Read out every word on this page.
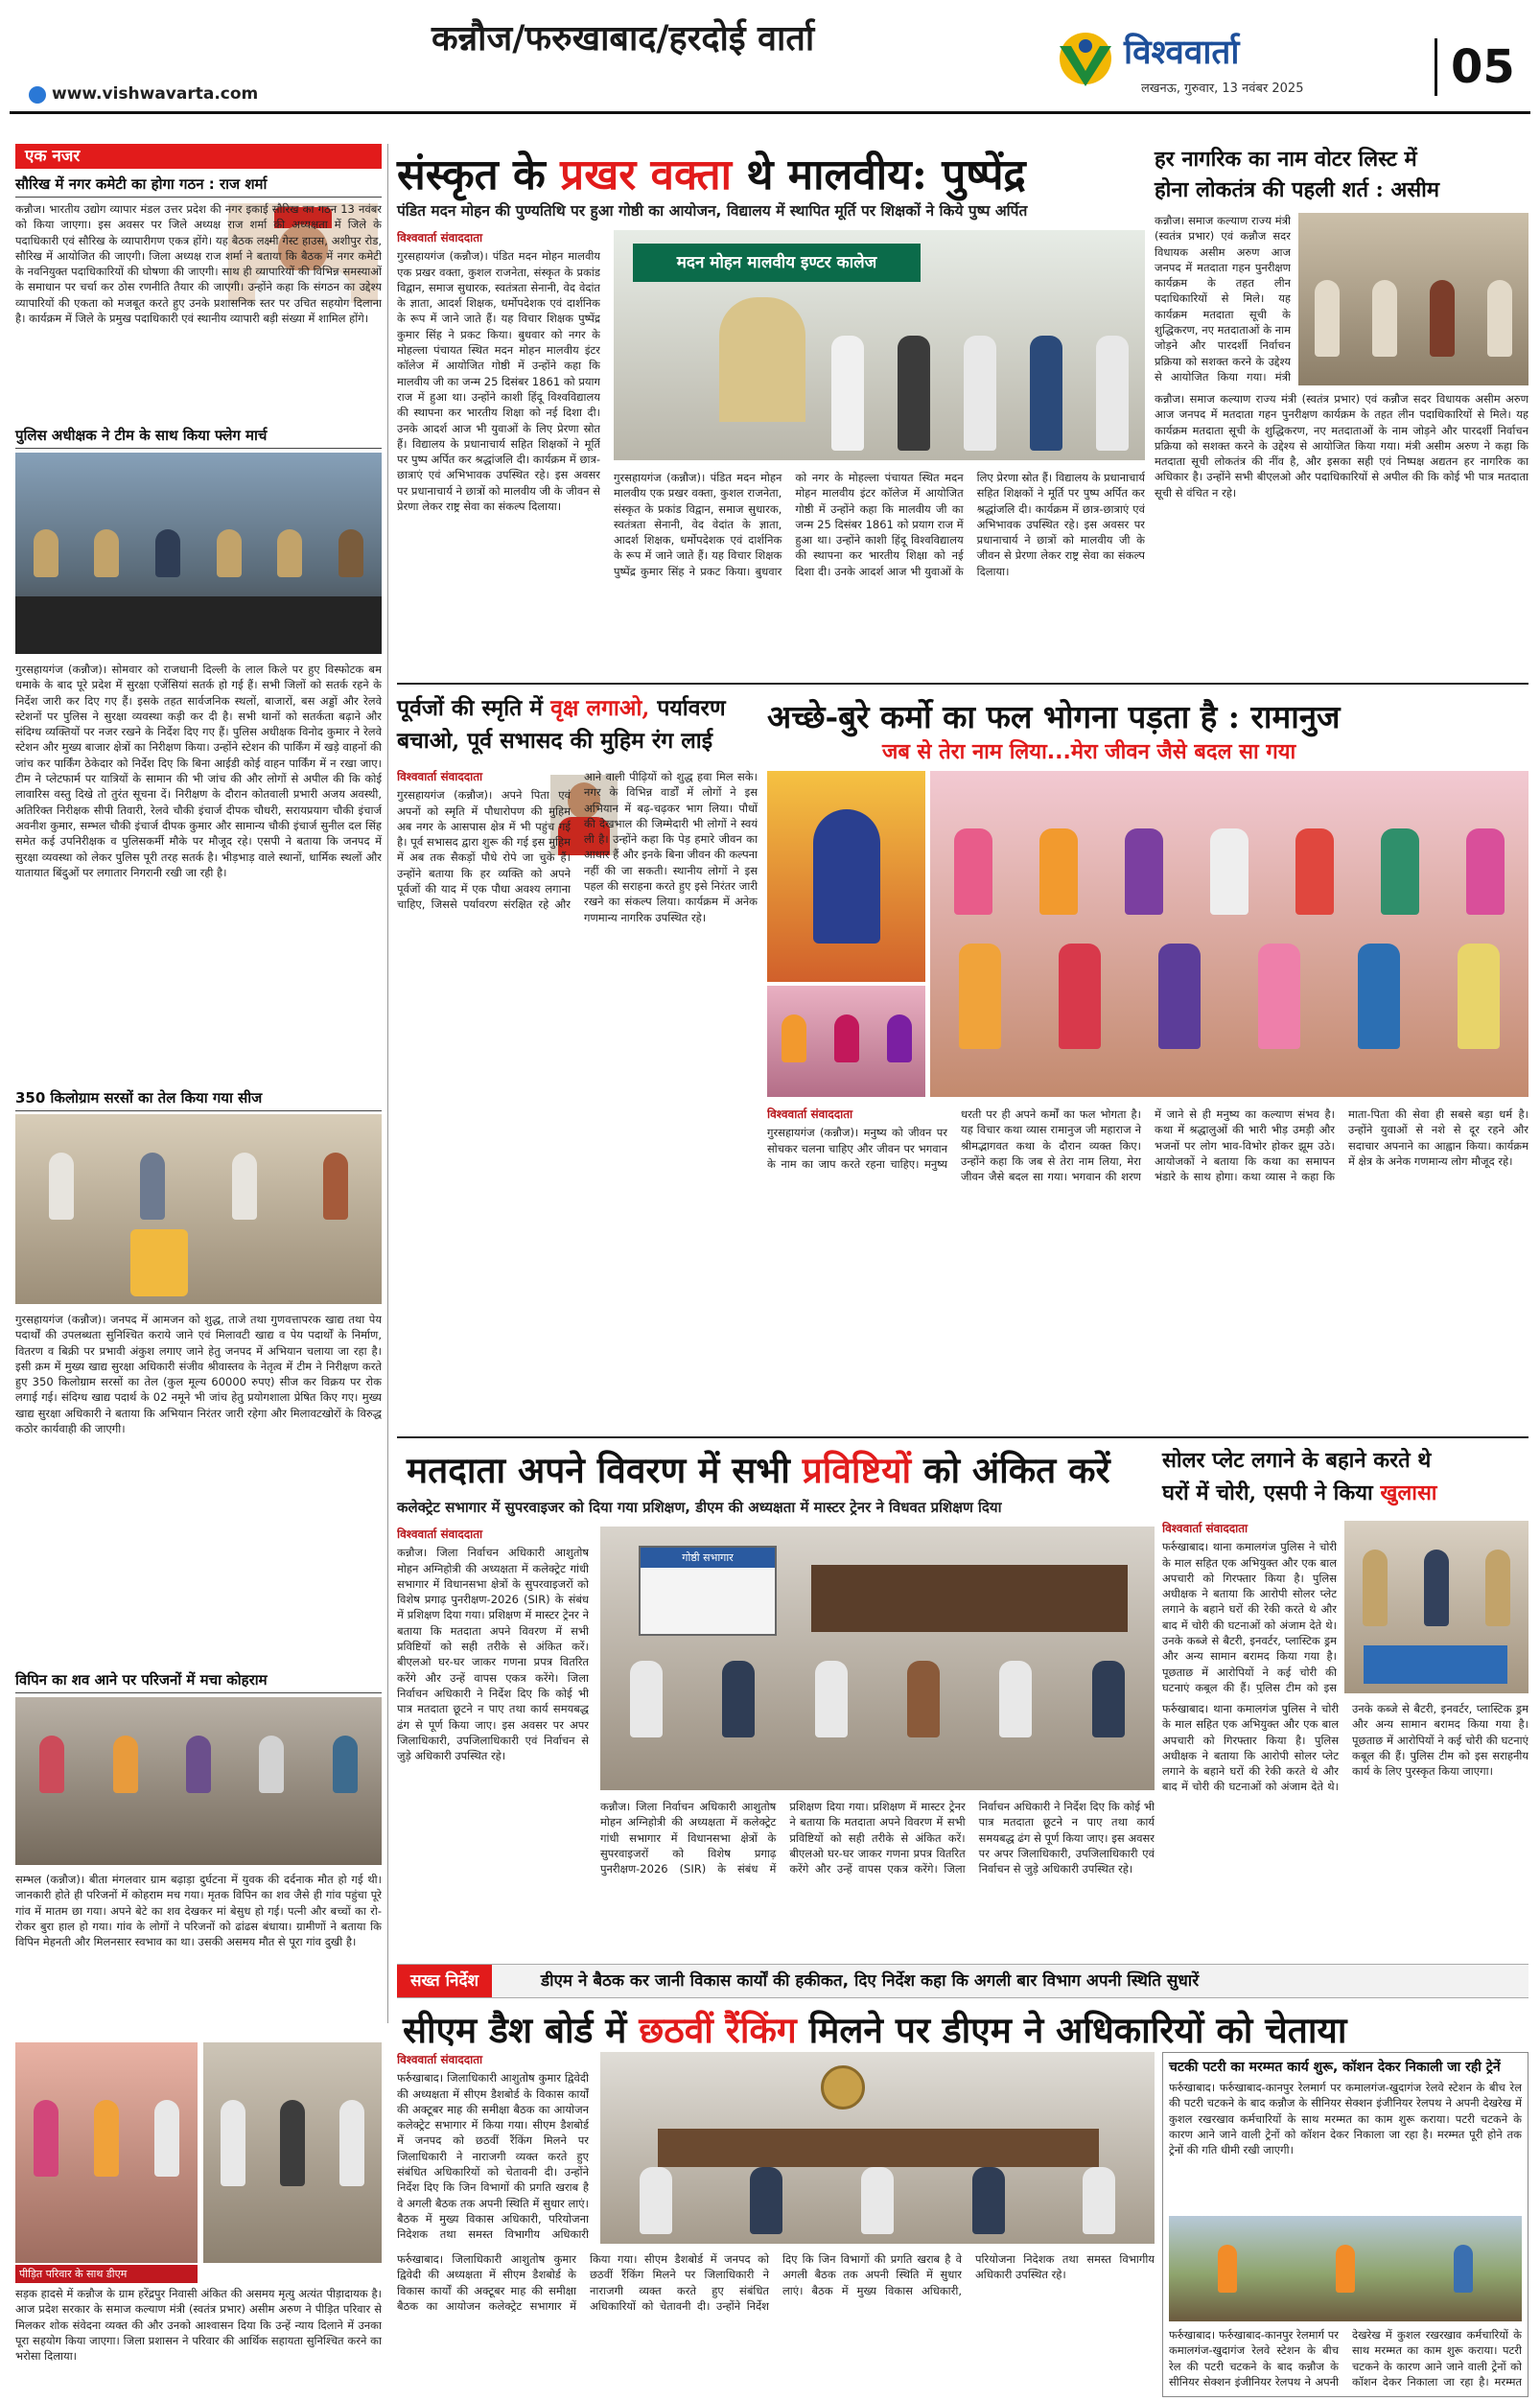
कन्नौज/फरुखाबाद/हरदोई वार्ता
www.vishwavarta.com
विश्ववार्ता
लखनऊ, गुरुवार, 13 नवंबर 2025	05
एक नजर
सौरिख में नगर कमेटी का होगा गठन : राज शर्मा
कन्नौज। भारतीय उद्योग व्यापार मंडल उत्तर प्रदेश की नगर इकाई सौरिख का गठन 13 नवंबर को किया जाएगा। इस अवसर पर जिले अध्यक्ष राज शर्मा की अध्यक्षता में जिले के पदाधिकारी एवं सौरिख के व्यापारीगण एकत्र होंगे। यह बैठक लक्ष्मी गेस्ट हाउस, अशीपुर रोड, सौरिख में आयोजित की जाएगी। जिला अध्यक्ष राज शर्मा ने बताया कि बैठक में नगर कमेटी के नवनियुक्त पदाधिकारियों की घोषणा की जाएगी। साथ ही व्यापारियों की विभिन्न समस्याओं के समाधान पर चर्चा कर ठोस रणनीति तैयार की जाएगी। उन्होंने कहा कि संगठन का उद्देश्य व्यापारियों की एकता को मजबूत करते हुए उनके प्रशासनिक स्तर पर उचित सहयोग दिलाना है। कार्यक्रम में जिले के प्रमुख पदाधिकारी एवं स्थानीय व्यापारी बड़ी संख्या में शामिल होंगे।
पुलिस अधीक्षक ने टीम के साथ किया फ्लेग मार्च
गुरसहायगंज (कन्नौज)। सोमवार को राजधानी दिल्ली के लाल किले पर हुए विस्फोटक बम धमाके के बाद पूरे प्रदेश में सुरक्षा एजेंसियां सतर्क हो गई हैं। सभी जिलों को सतर्क रहने के निर्देश जारी कर दिए गए हैं। इसके तहत सार्वजनिक स्थलों, बाजारों, बस अड्डों और रेलवे स्टेशनों पर पुलिस ने सुरक्षा व्यवस्था कड़ी कर दी है। सभी थानों को सतर्कता बढ़ाने और संदिग्ध व्यक्तियों पर नजर रखने के निर्देश दिए गए हैं। पुलिस अधीक्षक विनोद कुमार ने रेलवे स्टेशन और मुख्य बाजार क्षेत्रों का निरीक्षण किया। उन्होंने स्टेशन की पार्किंग में खड़े वाहनों की जांच कर पार्किंग ठेकेदार को निर्देश दिए कि बिना आईडी कोई वाहन पार्किंग में न रखा जाए। टीम ने प्लेटफार्म पर यात्रियों के सामान की भी जांच की और लोगों से अपील की कि कोई लावारिस वस्तु दिखे तो तुरंत सूचना दें। निरीक्षण के दौरान कोतवाली प्रभारी अजय अवस्थी, अतिरिक्त निरीक्षक सीपी तिवारी, रेलवे चौकी इंचार्ज दीपक चौधरी, सरायप्रयाग चौकी इंचार्ज अवनीश कुमार, सम्भल चौकी इंचार्ज दीपक कुमार और सामान्य चौकी इंचार्ज सुनील दल सिंह समेत कई उपनिरीक्षक व पुलिसकर्मी मौके पर मौजूद रहे। एसपी ने बताया कि जनपद में सुरक्षा व्यवस्था को लेकर पुलिस पूरी तरह सतर्क है। भीड़भाड़ वाले स्थानों, धार्मिक स्थलों और यातायात बिंदुओं पर लगातार निगरानी रखी जा रही है।
350 किलोग्राम सरसों का तेल किया गया सीज
गुरसहायगंज (कन्नौज)। जनपद में आमजन को शुद्ध, ताजे तथा गुणवत्तापरक खाद्य तथा पेय पदार्थों की उपलब्धता सुनिश्चित कराये जाने एवं मिलावटी खाद्य व पेय पदार्थों के निर्माण, वितरण व बिक्री पर प्रभावी अंकुश लगाए जाने हेतु जनपद में अभियान चलाया जा रहा है। इसी क्रम में मुख्य खाद्य सुरक्षा अधिकारी संजीव श्रीवास्तव के नेतृत्व में टीम ने निरीक्षण करते हुए 350 किलोग्राम सरसों का तेल (कुल मूल्य 60000 रुपए) सीज कर विक्रय पर रोक लगाई गई। संदिग्ध खाद्य पदार्थ के 02 नमूने भी जांच हेतु प्रयोगशाला प्रेषित किए गए। मुख्य खाद्य सुरक्षा अधिकारी ने बताया कि अभियान निरंतर जारी रहेगा और मिलावटखोरों के विरुद्ध कठोर कार्यवाही की जाएगी।
विपिन का शव आने पर परिजनों में मचा कोहराम
सम्भल (कन्नौज)। बीता मंगलवार ग्राम बढ़ाड़ा दुर्घटना में युवक की दर्दनाक मौत हो गई थी। जानकारी होते ही परिजनों में कोहराम मच गया। मृतक विपिन का शव जैसे ही गांव पहुंचा पूरे गांव में मातम छा गया। अपने बेटे का शव देखकर मां बेसुध हो गई। पत्नी और बच्चों का रो-रोकर बुरा हाल हो गया। गांव के लोगों ने परिजनों को ढांढस बंधाया। ग्रामीणों ने बताया कि विपिन मेहनती और मिलनसार स्वभाव का था। उसकी असमय मौत से पूरा गांव दुखी है।
संस्कृत के प्रखर वक्ता थे मालवीय: पुष्पेंद्र
पंडित मदन मोहन की पुण्यतिथि पर हुआ गोष्ठी का आयोजन, विद्यालय में स्थापित मूर्ति पर शिक्षकों ने किये पुष्प अर्पित
विश्ववार्ता संवाददाता
गुरसहायगंज (कन्नौज)। पंडित मदन मोहन मालवीय एक प्रखर वक्ता, कुशल राजनेता, संस्कृत के प्रकांड विद्वान, समाज सुधारक, स्वतंत्रता सेनानी, वेद वेदांत के ज्ञाता, आदर्श शिक्षक, धर्मोपदेशक एवं दार्शनिक के रूप में जाने जाते हैं। यह विचार शिक्षक पुष्पेंद्र कुमार सिंह ने प्रकट किया। बुधवार को नगर के मोहल्ला पंचायत स्थित मदन मोहन मालवीय इंटर कॉलेज में आयोजित गोष्ठी में उन्होंने कहा कि मालवीय जी का जन्म 25 दिसंबर 1861 को प्रयाग राज में हुआ था। उन्होंने काशी हिंदू विश्वविद्यालय की स्थापना कर भारतीय शिक्षा को नई दिशा दी। उनके आदर्श आज भी युवाओं के लिए प्रेरणा स्रोत हैं। विद्यालय के प्रधानाचार्य सहित शिक्षकों ने मूर्ति पर पुष्प अर्पित कर श्रद्धांजलि दी। कार्यक्रम में छात्र-छात्राएं एवं अभिभावक उपस्थित रहे। इस अवसर पर प्रधानाचार्य ने छात्रों को मालवीय जी के जीवन से प्रेरणा लेकर राष्ट्र सेवा का संकल्प दिलाया।
मदन मोहन मालवीय इण्टर कालेज
गुरसहायगंज (कन्नौज)। पंडित मदन मोहन मालवीय एक प्रखर वक्ता, कुशल राजनेता, संस्कृत के प्रकांड विद्वान, समाज सुधारक, स्वतंत्रता सेनानी, वेद वेदांत के ज्ञाता, आदर्श शिक्षक, धर्मोपदेशक एवं दार्शनिक के रूप में जाने जाते हैं। यह विचार शिक्षक पुष्पेंद्र कुमार सिंह ने प्रकट किया। बुधवार को नगर के मोहल्ला पंचायत स्थित मदन मोहन मालवीय इंटर कॉलेज में आयोजित गोष्ठी में उन्होंने कहा कि मालवीय जी का जन्म 25 दिसंबर 1861 को प्रयाग राज में हुआ था। उन्होंने काशी हिंदू विश्वविद्यालय की स्थापना कर भारतीय शिक्षा को नई दिशा दी। उनके आदर्श आज भी युवाओं के लिए प्रेरणा स्रोत हैं। विद्यालय के प्रधानाचार्य सहित शिक्षकों ने मूर्ति पर पुष्प अर्पित कर श्रद्धांजलि दी। कार्यक्रम में छात्र-छात्राएं एवं अभिभावक उपस्थित रहे। इस अवसर पर प्रधानाचार्य ने छात्रों को मालवीय जी के जीवन से प्रेरणा लेकर राष्ट्र सेवा का संकल्प दिलाया।
हर नागरिक का नाम वोटर लिस्ट में
होना लोकतंत्र की पहली शर्त : असीम
कन्नौज। समाज कल्याण राज्य मंत्री (स्वतंत्र प्रभार) एवं कन्नौज सदर विधायक असीम अरुण आज जनपद में मतदाता गहन पुनरीक्षण कार्यक्रम के तहत लीन पदाधिकारियों से मिले। यह कार्यक्रम मतदाता सूची के शुद्धिकरण, नए मतदाताओं के नाम जोड़ने और पारदर्शी निर्वाचन प्रक्रिया को सशक्त करने के उद्देश्य से आयोजित किया गया। मंत्री
कन्नौज। समाज कल्याण राज्य मंत्री (स्वतंत्र प्रभार) एवं कन्नौज सदर विधायक असीम अरुण आज जनपद में मतदाता गहन पुनरीक्षण कार्यक्रम के तहत लीन पदाधिकारियों से मिले। यह कार्यक्रम मतदाता सूची के शुद्धिकरण, नए मतदाताओं के नाम जोड़ने और पारदर्शी निर्वाचन प्रक्रिया को सशक्त करने के उद्देश्य से आयोजित किया गया। मंत्री असीम अरुण ने कहा कि मतदाता सूची लोकतंत्र की नींव है, और इसका सही एवं निष्पक्ष अद्यतन हर नागरिक का अधिकार है। उन्होंने सभी बीएलओ और पदाधिकारियों से अपील की कि कोई भी पात्र मतदाता सूची से वंचित न रहे।
पूर्वजों की स्मृति में वृक्ष लगाओ, पर्यावरण
बचाओ, पूर्व सभासद की मुहिम रंग लाई
विश्ववार्ता संवाददाता
गुरसहायगंज (कन्नौज)। अपने पिता एवं अपनों को स्मृति में पौधारोपण की मुहिम अब नगर के आसपास क्षेत्र में भी पहुंच गई है। पूर्व सभासद द्वारा शुरू की गई इस मुहिम में अब तक सैकड़ों पौधे रोपे जा चुके हैं। उन्होंने बताया कि हर व्यक्ति को अपने पूर्वजों की याद में एक पौधा अवश्य लगाना चाहिए, जिससे पर्यावरण संरक्षित रहे और आने वाली पीढ़ियों को शुद्ध हवा मिल सके। नगर के विभिन्न वार्डों में लोगों ने इस अभियान में बढ़-चढ़कर भाग लिया। पौधों की देखभाल की जिम्मेदारी भी लोगों ने स्वयं ली है। उन्होंने कहा कि पेड़ हमारे जीवन का आधार हैं और इनके बिना जीवन की कल्पना नहीं की जा सकती। स्थानीय लोगों ने इस पहल की सराहना करते हुए इसे निरंतर जारी रखने का संकल्प लिया। कार्यक्रम में अनेक गणमान्य नागरिक उपस्थित रहे।
अच्छे-बुरे कर्मो का फल भोगना पड़ता है : रामानुज
जब से तेरा नाम लिया...मेरा जीवन जैसे बदल सा गया
विश्ववार्ता संवाददाता
गुरसहायगंज (कन्नौज)। मनुष्य को जीवन पर सोचकर चलना चाहिए और जीवन पर भगवान के नाम का जाप करते रहना चाहिए। मनुष्य धरती पर ही अपने कर्मों का फल भोगता है। यह विचार कथा व्यास रामानुज जी महाराज ने श्रीमद्भागवत कथा के दौरान व्यक्त किए। उन्होंने कहा कि जब से तेरा नाम लिया, मेरा जीवन जैसे बदल सा गया। भगवान की शरण में जाने से ही मनुष्य का कल्याण संभव है। कथा में श्रद्धालुओं की भारी भीड़ उमड़ी और भजनों पर लोग भाव-विभोर होकर झूम उठे। आयोजकों ने बताया कि कथा का समापन भंडारे के साथ होगा। कथा व्यास ने कहा कि माता-पिता की सेवा ही सबसे बड़ा धर्म है। उन्होंने युवाओं से नशे से दूर रहने और सदाचार अपनाने का आह्वान किया। कार्यक्रम में क्षेत्र के अनेक गणमान्य लोग मौजूद रहे।
मतदाता अपने विवरण में सभी प्रविष्टियों को अंकित करें
कलेक्ट्रेट सभागार में सुपरवाइजर को दिया गया प्रशिक्षण, डीएम की अध्यक्षता में मास्टर ट्रेनर ने विधवत प्रशिक्षण दिया
विश्ववार्ता संवाददाता
कन्नौज। जिला निर्वाचन अधिकारी आशुतोष मोहन अग्निहोत्री की अध्यक्षता में कलेक्ट्रेट गांधी सभागार में विधानसभा क्षेत्रों के सुपरवाइजरों को विशेष प्रगाढ़ पुनरीक्षण-2026 (SIR) के संबंध में प्रशिक्षण दिया गया। प्रशिक्षण में मास्टर ट्रेनर ने बताया कि मतदाता अपने विवरण में सभी प्रविष्टियों को सही तरीके से अंकित करें। बीएलओ घर-घर जाकर गणना प्रपत्र वितरित करेंगे और उन्हें वापस एकत्र करेंगे। जिला निर्वाचन अधिकारी ने निर्देश दिए कि कोई भी पात्र मतदाता छूटने न पाए तथा कार्य समयबद्ध ढंग से पूर्ण किया जाए। इस अवसर पर अपर जिलाधिकारी, उपजिलाधिकारी एवं निर्वाचन से जुड़े अधिकारी उपस्थित रहे।
गोष्ठी सभागार
कन्नौज। जिला निर्वाचन अधिकारी आशुतोष मोहन अग्निहोत्री की अध्यक्षता में कलेक्ट्रेट गांधी सभागार में विधानसभा क्षेत्रों के सुपरवाइजरों को विशेष प्रगाढ़ पुनरीक्षण-2026 (SIR) के संबंध में प्रशिक्षण दिया गया। प्रशिक्षण में मास्टर ट्रेनर ने बताया कि मतदाता अपने विवरण में सभी प्रविष्टियों को सही तरीके से अंकित करें। बीएलओ घर-घर जाकर गणना प्रपत्र वितरित करेंगे और उन्हें वापस एकत्र करेंगे। जिला निर्वाचन अधिकारी ने निर्देश दिए कि कोई भी पात्र मतदाता छूटने न पाए तथा कार्य समयबद्ध ढंग से पूर्ण किया जाए। इस अवसर पर अपर जिलाधिकारी, उपजिलाधिकारी एवं निर्वाचन से जुड़े अधिकारी उपस्थित रहे।
सोलर प्लेट लगाने के बहाने करते थे
घरों में चोरी, एसपी ने किया खुलासा
विश्ववार्ता संवाददाता
फर्रुखाबाद। थाना कमालगंज पुलिस ने चोरी के माल सहित एक अभियुक्त और एक बाल अपचारी को गिरफ्तार किया है। पुलिस अधीक्षक ने बताया कि आरोपी सोलर प्लेट लगाने के बहाने घरों की रेकी करते थे और बाद में चोरी की घटनाओं को अंजाम देते थे। उनके कब्जे से बैटरी, इनवर्टर, प्लास्टिक ड्रम और अन्य सामान बरामद किया गया है। पूछताछ में आरोपियों ने कई चोरी की घटनाएं कबूल की हैं। पुलिस टीम को इस
फर्रुखाबाद। थाना कमालगंज पुलिस ने चोरी के माल सहित एक अभियुक्त और एक बाल अपचारी को गिरफ्तार किया है। पुलिस अधीक्षक ने बताया कि आरोपी सोलर प्लेट लगाने के बहाने घरों की रेकी करते थे और बाद में चोरी की घटनाओं को अंजाम देते थे। उनके कब्जे से बैटरी, इनवर्टर, प्लास्टिक ड्रम और अन्य सामान बरामद किया गया है। पूछताछ में आरोपियों ने कई चोरी की घटनाएं कबूल की हैं। पुलिस टीम को इस सराहनीय कार्य के लिए पुरस्कृत किया जाएगा।
सख्त निर्देश	डीएम ने बैठक कर जानी विकास कार्यों की हकीकत, दिए निर्देश कहा कि अगली बार विभाग अपनी स्थिति सुधारें
सीएम डैश बोर्ड में छठवीं रैंकिंग मिलने पर डीएम ने अधिकारियों को चेताया
पीड़ित परिवार के साथ डीएम
सड़क हादसे में कन्नौज के ग्राम हरेंद्रपुर निवासी अंकित की असमय मृत्यु अत्यंत पीड़ादायक है। आज प्रदेश सरकार के समाज कल्याण मंत्री (स्वतंत्र प्रभार) असीम अरुण ने पीड़ित परिवार से मिलकर शोक संवेदना व्यक्त की और उनको आश्वासन दिया कि उन्हें न्याय दिलाने में उनका पूरा सहयोग किया जाएगा। जिला प्रशासन ने परिवार की आर्थिक सहायता सुनिश्चित करने का भरोसा दिलाया।
विश्ववार्ता संवाददाता
फर्रुखाबाद। जिलाधिकारी आशुतोष कुमार द्विवेदी की अध्यक्षता में सीएम डैशबोर्ड के विकास कार्यों की अक्टूबर माह की समीक्षा बैठक का आयोजन कलेक्ट्रेट सभागार में किया गया। सीएम डैशबोर्ड में जनपद को छठवीं रैंकिंग मिलने पर जिलाधिकारी ने नाराजगी व्यक्त करते हुए संबंधित अधिकारियों को चेतावनी दी। उन्होंने निर्देश दिए कि जिन विभागों की प्रगति खराब है वे अगली बैठक तक अपनी स्थिति में सुधार लाएं। बैठक में मुख्य विकास अधिकारी, परियोजना निदेशक तथा समस्त विभागीय अधिकारी
फर्रुखाबाद। जिलाधिकारी आशुतोष कुमार द्विवेदी की अध्यक्षता में सीएम डैशबोर्ड के विकास कार्यों की अक्टूबर माह की समीक्षा बैठक का आयोजन कलेक्ट्रेट सभागार में किया गया। सीएम डैशबोर्ड में जनपद को छठवीं रैंकिंग मिलने पर जिलाधिकारी ने नाराजगी व्यक्त करते हुए संबंधित अधिकारियों को चेतावनी दी। उन्होंने निर्देश दिए कि जिन विभागों की प्रगति खराब है वे अगली बैठक तक अपनी स्थिति में सुधार लाएं। बैठक में मुख्य विकास अधिकारी, परियोजना निदेशक तथा समस्त विभागीय अधिकारी उपस्थित रहे।
चटकी पटरी का मरम्मत कार्य शुरू, कॉशन देकर निकाली जा रही ट्रेनें
फर्रुखाबाद। फर्रुखाबाद-कानपुर रेलमार्ग पर कमालगंज-खुदागंज रेलवे स्टेशन के बीच रेल की पटरी चटकने के बाद कन्नौज के सीनियर सेक्शन इंजीनियर रेलपथ ने अपनी देखरेख में कुशल रखरखाव कर्मचारियों के साथ मरम्मत का काम शुरू कराया। पटरी चटकने के कारण आने जाने वाली ट्रेनों को कॉशन देकर निकाला जा रहा है। मरम्मत पूरी होने तक ट्रेनों की गति धीमी रखी जाएगी।
फर्रुखाबाद। फर्रुखाबाद-कानपुर रेलमार्ग पर कमालगंज-खुदागंज रेलवे स्टेशन के बीच रेल की पटरी चटकने के बाद कन्नौज के सीनियर सेक्शन इंजीनियर रेलपथ ने अपनी देखरेख में कुशल रखरखाव कर्मचारियों के साथ मरम्मत का काम शुरू कराया। पटरी चटकने के कारण आने जाने वाली ट्रेनों को कॉशन देकर निकाला जा रहा है। मरम्मत
